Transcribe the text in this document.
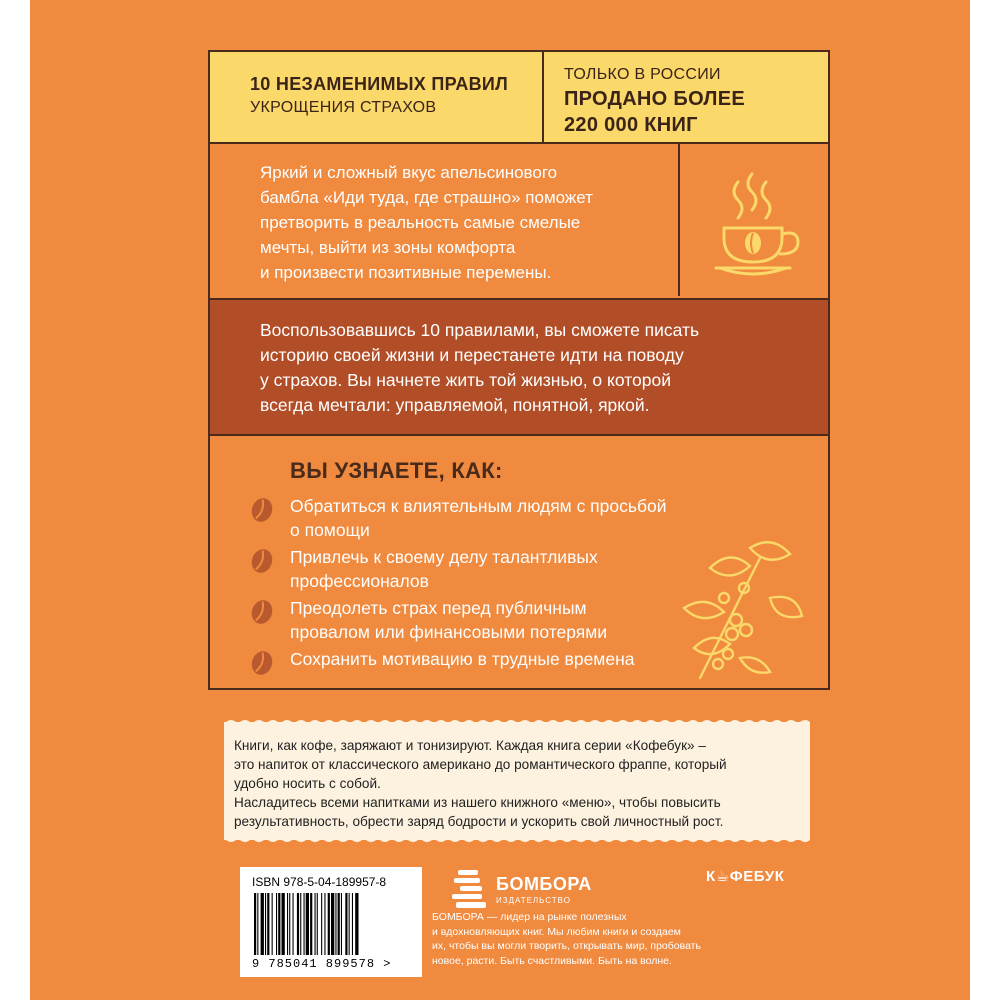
10 НЕЗАМЕНИМЫХ ПРАВИЛ
УКРОЩЕНИЯ СТРАХОВ
ТОЛЬКО В РОССИИ
ПРОДАНО БОЛЕЕ
220 000 КНИГ
Яркий и сложный вкус апельсинового
бамбла «Иди туда, где страшно» поможет
претворить в реальность самые смелые
мечты, выйти из зоны комфорта
и произвести позитивные перемены.
Воспользовавшись 10 правилами, вы сможете писать
историю своей жизни и перестанете идти на поводу
у страхов. Вы начнете жить той жизнью, о которой
всегда мечтали: управляемой, понятной, яркой.
ВЫ УЗНАЕТЕ, КАК:
Обратиться к влиятельным людям с просьбой
о помощи
Привлечь к своему делу талантливых
профессионалов
Преодолеть страх перед публичным
провалом или финансовыми потерями
Сохранить мотивацию в трудные времена

Книги, как кофе, заряжают и тонизируют. Каждая книга серии «Кофебук» –

это напиток от классического американо до романтического фраппе, который

удобно носить с собой.

Насладитесь всеми напитками из нашего книжного «меню», чтобы повысить

результативность, обрести заряд бодрости и ускорить свой личностный рост.

ISBN 978-5-04-189957-8
9 785041 899578 >
БОМБОРА
ИЗДАТЕЛЬСТВО
БОМБОРА — лидер на рынке полезных
и вдохновляющих книг. Мы любим книги и создаем
их, чтобы вы могли творить, открывать мир, пробовать
новое, расти. Быть счастливыми. Быть на волне.
К☕ФЕБУК
